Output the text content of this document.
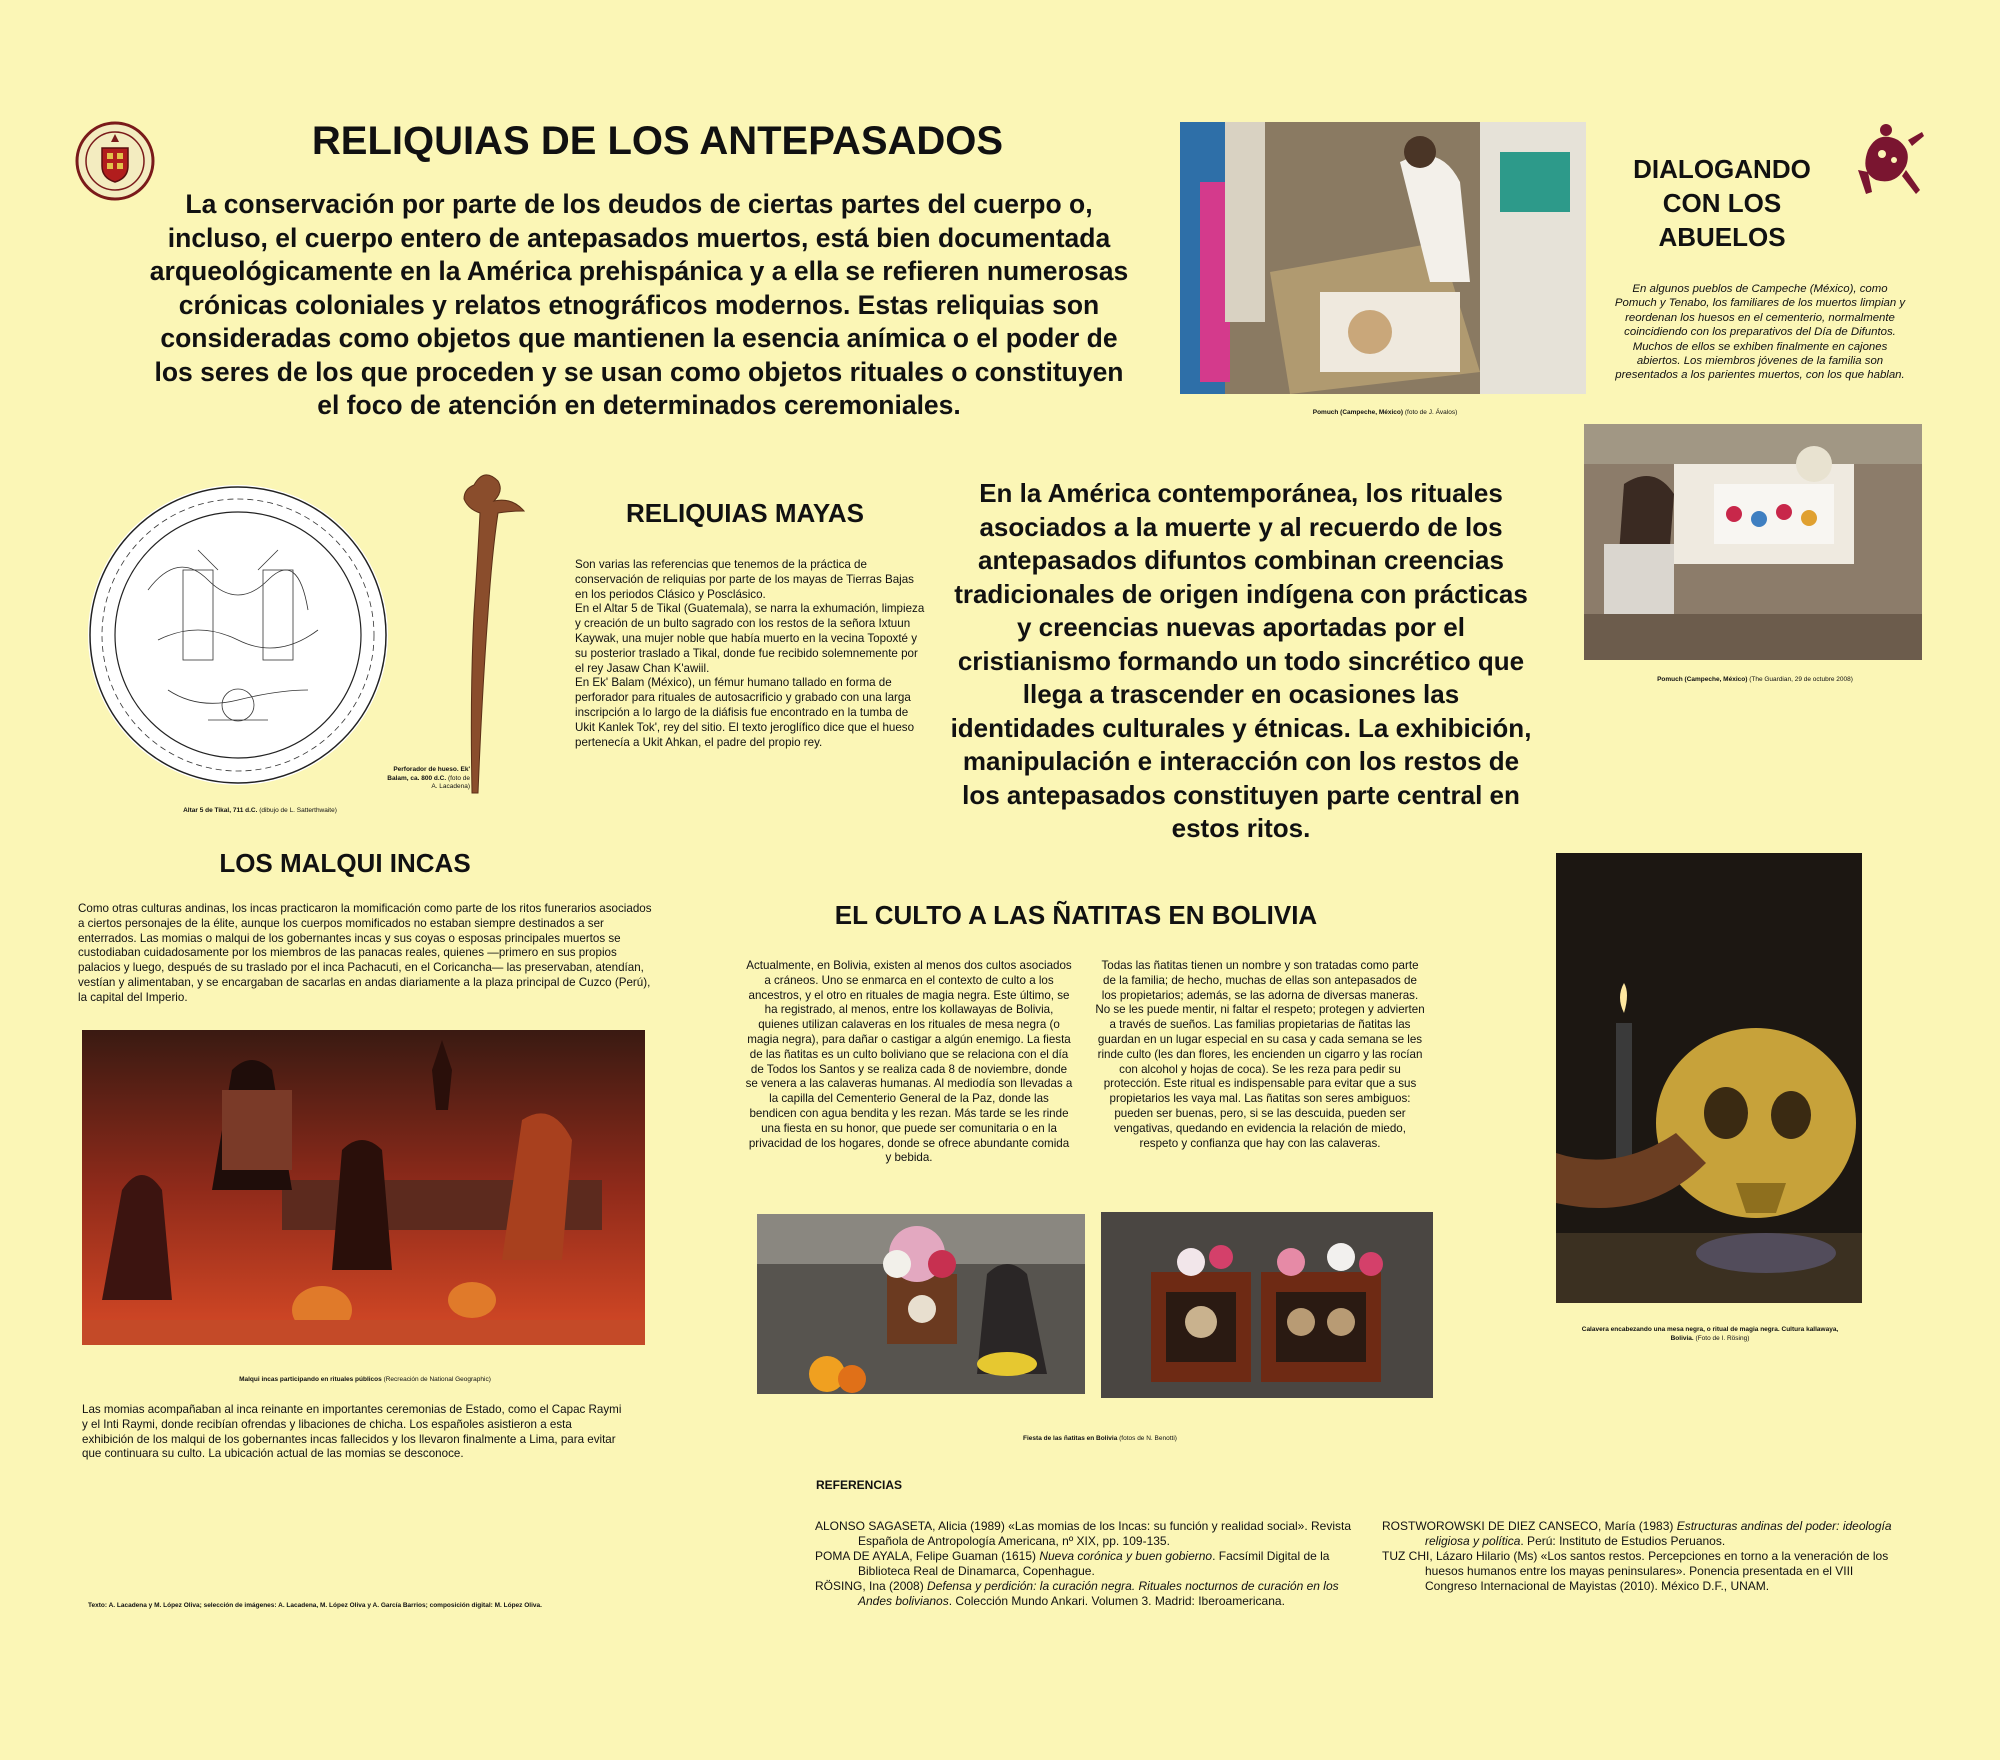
RELIQUIAS DE LOS ANTEPASADOS
La conservación por parte de los deudos de ciertas partes del cuerpo o, incluso, el cuerpo entero de antepasados muertos, está bien documentada arqueológicamente en la América prehispánica y a ella se refieren numerosas crónicas coloniales y relatos etnográficos modernos. Estas reliquias son consideradas como objetos que mantienen la esencia anímica o el poder de los seres de los que proceden y se usan como objetos rituales o constituyen el foco de atención en determinados ceremoniales.
Perforador de hueso. Ek' Balam, ca. 800 d.C. (foto de A. Lacadena)
Altar 5 de Tikal, 711 d.C. (dibujo de L. Satterthwaite)
RELIQUIAS MAYAS
Son varias las referencias que tenemos de la práctica de conservación de reliquias por parte de los mayas de Tierras Bajas en los periodos Clásico y Posclásico.
En el Altar 5 de Tikal (Guatemala), se narra la exhumación, limpieza y creación de un bulto sagrado con los restos de la señora Ixtuun Kaywak, una mujer noble que había muerto en la vecina Topoxté y su posterior traslado a Tikal, donde fue recibido solemnemente por el rey Jasaw Chan K'awiil.
En Ek' Balam (México), un fémur humano tallado en forma de perforador para rituales de autosacrificio y grabado con una larga inscripción a lo largo de la diáfisis fue encontrado en la tumba de Ukit Kanlek Tok', rey del sitio. El texto jeroglífico dice que el hueso pertenecía a Ukit Ahkan, el padre del propio rey.
En la América contemporánea, los rituales asociados a la muerte y al recuerdo de los antepasados difuntos combinan creencias tradicionales de origen indígena con prácticas y creencias nuevas aportadas por el cristianismo formando un todo sincrético que llega a trascender en ocasiones las identidades culturales y étnicas. La exhibición, manipulación e interacción con los restos de los antepasados constituyen parte central en estos ritos.
Pomuch (Campeche, México) (foto de J. Ávalos)
DIALOGANDO CON LOS ABUELOS
En algunos pueblos de Campeche (México), como Pomuch y Tenabo, los familiares de los muertos limpian y reordenan los huesos en el cementerio, normalmente coincidiendo con los preparativos del Día de Difuntos. Muchos de ellos se exhiben finalmente en cajones abiertos. Los miembros jóvenes de la familia son presentados a los parientes muertos, con los que hablan.
Pomuch (Campeche, México) (The Guardian, 29 de octubre 2008)
LOS MALQUI INCAS
Como otras culturas andinas, los incas practicaron la momificación como parte de los ritos funerarios asociados a ciertos personajes de la élite, aunque los cuerpos momificados no estaban siempre destinados a ser enterrados. Las momias o malqui de los gobernantes incas y sus coyas o esposas principales muertos se custodiaban cuidadosamente por los miembros de las panacas reales, quienes —primero en sus propios palacios y luego, después de su traslado por el inca Pachacuti, en el Coricancha— las preservaban, atendían, vestían y alimentaban, y se encargaban de sacarlas en andas diariamente a la plaza principal de Cuzco (Perú), la capital del Imperio.
Malqui incas participando en rituales públicos (Recreación de National Geographic)
Las momias acompañaban al inca reinante en importantes ceremonias de Estado, como el Capac Raymi y el Inti Raymi, donde recibían ofrendas y libaciones de chicha. Los españoles asistieron a esta exhibición de los malqui de los gobernantes incas fallecidos y los llevaron finalmente a Lima, para evitar que continuara su culto. La ubicación actual de las momias se desconoce.
Texto: A. Lacadena y M. López Oliva; selección de imágenes: A. Lacadena, M. López Oliva y A. García Barrios; composición digital: M. López Oliva.
EL CULTO A LAS ÑATITAS EN BOLIVIA
Actualmente, en Bolivia, existen al menos dos cultos asociados a cráneos. Uno se enmarca en el contexto de culto a los ancestros, y el otro en rituales de magia negra. Este último, se ha registrado, al menos, entre los kollawayas de Bolivia, quienes utilizan calaveras en los rituales de mesa negra (o magia negra), para dañar o castigar a algún enemigo. La fiesta de las ñatitas es un culto boliviano que se relaciona con el día de Todos los Santos y se realiza cada 8 de noviembre, donde se venera a las calaveras humanas. Al mediodía son llevadas a la capilla del Cementerio General de la Paz, donde las bendicen con agua bendita y les rezan. Más tarde se les rinde una fiesta en su honor, que puede ser comunitaria o en la privacidad de los hogares, donde se ofrece abundante comida y bebida.
Todas las ñatitas tienen un nombre y son tratadas como parte de la familia; de hecho, muchas de ellas son antepasados de los propietarios; además, se las adorna de diversas maneras. No se les puede mentir, ni faltar el respeto; protegen y advierten a través de sueños. Las familias propietarias de ñatitas las guardan en un lugar especial en su casa y cada semana se les rinde culto (les dan flores, les encienden un cigarro y las rocían con alcohol y hojas de coca). Se les reza para pedir su protección. Este ritual es indispensable para evitar que a sus propietarios les vaya mal. Las ñatitas son seres ambiguos: pueden ser buenas, pero, si se las descuida, pueden ser vengativas, quedando en evidencia la relación de miedo, respeto y confianza que hay con las calaveras.
Fiesta de las ñatitas en Bolivia (fotos de N. Benotti)
Calavera encabezando una mesa negra, o ritual de magia negra. Cultura kallawaya, Bolivia. (Foto de I. Rösing)
REFERENCIAS

ALONSO SAGASETA, Alicia (1989) «Las momias de los Incas: su función y realidad social». Revista Española de Antropología Americana, nº XIX, pp. 109-135.

POMA DE AYALA, Felipe Guaman (1615) Nueva corónica y buen gobierno. Facsímil Digital de la Biblioteca Real de Dinamarca, Copenhague.

RÖSING, Ina (2008) Defensa y perdición: la curación negra. Rituales nocturnos de curación en los Andes bolivianos. Colección Mundo Ankari. Volumen 3. Madrid: Iberoamericana.

ROSTWOROWSKI DE DIEZ CANSECO, María (1983) Estructuras andinas del poder: ideología religiosa y política. Perú: Instituto de Estudios Peruanos.

TUZ CHI, Lázaro Hilario (Ms) «Los santos restos. Percepciones en torno a la veneración de los huesos humanos entre los mayas peninsulares». Ponencia presentada en el VIII Congreso Internacional de Mayistas (2010). México D.F., UNAM.
